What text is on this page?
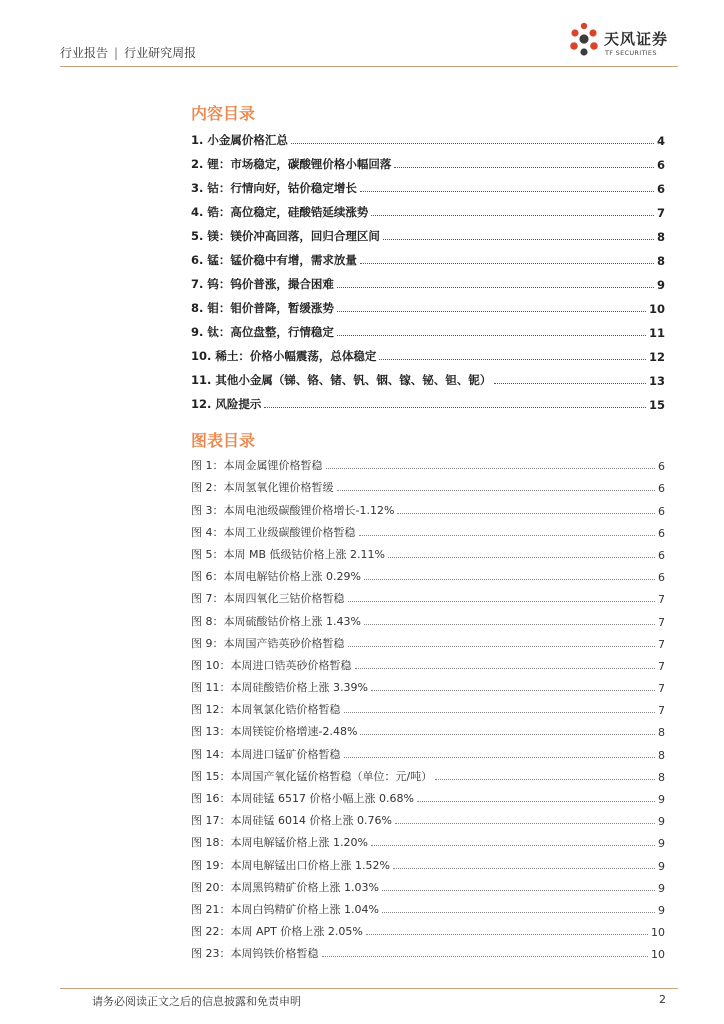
行业报告 | 行业研究周报
天风证券
TF SECURITIES
内容目录
1. 小金属价格汇总	4
2. 锂：市场稳定，碳酸锂价格小幅回落	6
3. 钴：行情向好，钴价稳定增长	6
4. 锆：高位稳定，硅酸锆延续涨势	7
5. 镁：镁价冲高回落，回归合理区间	8
6. 锰：锰价稳中有增，需求放量	8
7. 钨：钨价普涨，撮合困难	9
8. 钼：钼价普降，暂缓涨势	10
9. 钛：高位盘整，行情稳定	11
10. 稀土：价格小幅震荡，总体稳定	12
11. 其他小金属（锑、铬、锗、钒、铟、镓、铋、钽、铌）	13
12. 风险提示	15
图表目录
图 1：本周金属锂价格暂稳	6
图 2：本周氢氧化锂价格暂缓	6
图 3：本周电池级碳酸锂价格增长-1.12%	6
图 4：本周工业级碳酸锂价格暂稳	6
图 5：本周 MB 低级钴价格上涨 2.11%	6
图 6：本周电解钴价格上涨 0.29%	6
图 7：本周四氧化三钴价格暂稳	7
图 8：本周硫酸钴价格上涨 1.43%	7
图 9：本周国产锆英砂价格暂稳	7
图 10：本周进口锆英砂价格暂稳	7
图 11：本周硅酸锆价格上涨 3.39%	7
图 12：本周氧氯化锆价格暂稳	7
图 13：本周镁锭价格增速-2.48%	8
图 14：本周进口锰矿价格暂稳	8
图 15：本周国产氧化锰价格暂稳（单位：元/吨）	8
图 16：本周硅锰 6517 价格小幅上涨 0.68%	9
图 17：本周硅锰 6014 价格上涨 0.76%	9
图 18：本周电解锰价格上涨 1.20%	9
图 19：本周电解锰出口价格上涨 1.52%	9
图 20：本周黑钨精矿价格上涨 1.03%	9
图 21：本周白钨精矿价格上涨 1.04%	9
图 22：本周 APT 价格上涨 2.05%	10
图 23：本周钨铁价格暂稳	10
请务必阅读正文之后的信息披露和免责申明	2
